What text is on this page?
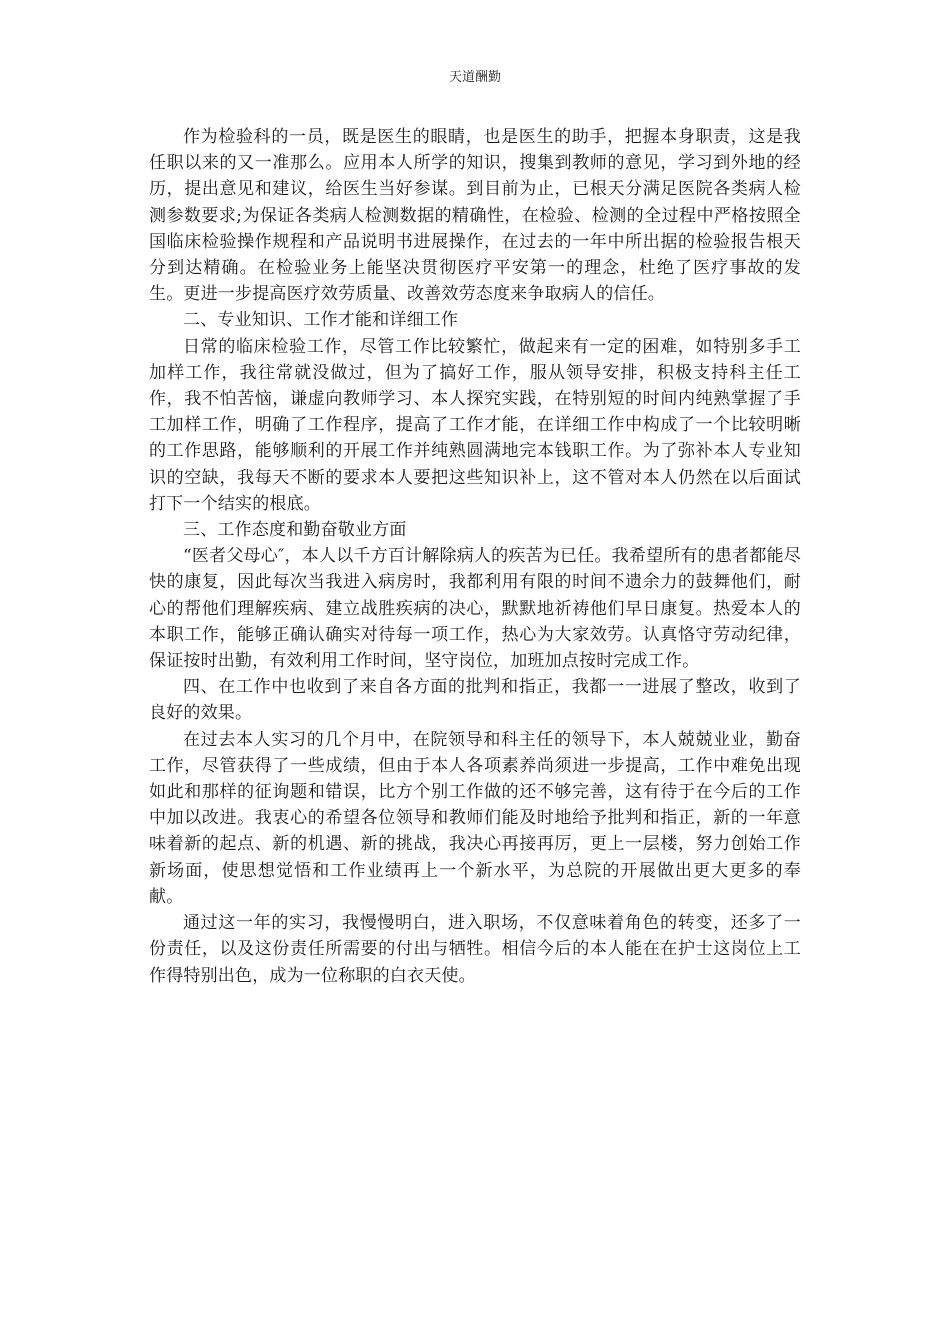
天道酬勤

作为检验科的一员，既是医生的眼睛，也是医生的助手，把握本身职责，这是我任职以来的又一准那么。应用本人所学的知识，搜集到教师的意见，学习到外地的经历，提出意见和建议，给医生当好参谋。到目前为止，已根天分满足医院各类病人检测参数要求;为保证各类病人检测数据的精确性，在检验、检测的全过程中严格按照全国临床检验操作规程和产品说明书进展操作，在过去的一年中所出据的检验报告根天分到达精确。在检验业务上能坚决贯彻医疗平安第一的理念，杜绝了医疗事故的发生。更进一步提高医疗效劳质量、改善效劳态度来争取病人的信任。

二、专业知识、工作才能和详细工作

日常的临床检验工作，尽管工作比较繁忙，做起来有一定的困难，如特别多手工加样工作，我往常就没做过，但为了搞好工作，服从领导安排，积极支持科主任工作，我不怕苦恼，谦虚向教师学习、本人探究实践，在特别短的时间内纯熟掌握了手工加样工作，明确了工作程序，提高了工作才能，在详细工作中构成了一个比较明晰的工作思路，能够顺利的开展工作并纯熟圆满地完本钱职工作。为了弥补本人专业知识的空缺，我每天不断的要求本人要把这些知识补上，这不管对本人仍然在以后面试打下一个结实的根底。

三、工作态度和勤奋敬业方面

“医者父母心″，本人以千方百计解除病人的疾苦为已任。我希望所有的患者都能尽快的康复，因此每次当我进入病房时，我都利用有限的时间不遗余力的鼓舞他们，耐心的帮他们理解疾病、建立战胜疾病的决心，默默地祈祷他们早日康复。热爱本人的本职工作，能够正确认确实对待每一项工作，热心为大家效劳。认真恪守劳动纪律，保证按时出勤，有效利用工作时间，坚守岗位，加班加点按时完成工作。

四、在工作中也收到了来自各方面的批判和指正，我都一一进展了整改，收到了良好的效果。

在过去本人实习的几个月中，在院领导和科主任的领导下，本人兢兢业业，勤奋工作，尽管获得了一些成绩，但由于本人各项素养尚须进一步提高，工作中难免出现如此和那样的征询题和错误，比方个别工作做的还不够完善，这有待于在今后的工作中加以改进。我衷心的希望各位领导和教师们能及时地给予批判和指正，新的一年意味着新的起点、新的机遇、新的挑战，我决心再接再厉，更上一层楼，努力创始工作新场面，使思想觉悟和工作业绩再上一个新水平，为总院的开展做出更大更多的奉献。

通过这一年的实习，我慢慢明白，进入职场，不仅意味着角色的转变，还多了一份责任，以及这份责任所需要的付出与牺牲。相信今后的本人能在在护士这岗位上工作得特别出色，成为一位称职的白衣天使。
